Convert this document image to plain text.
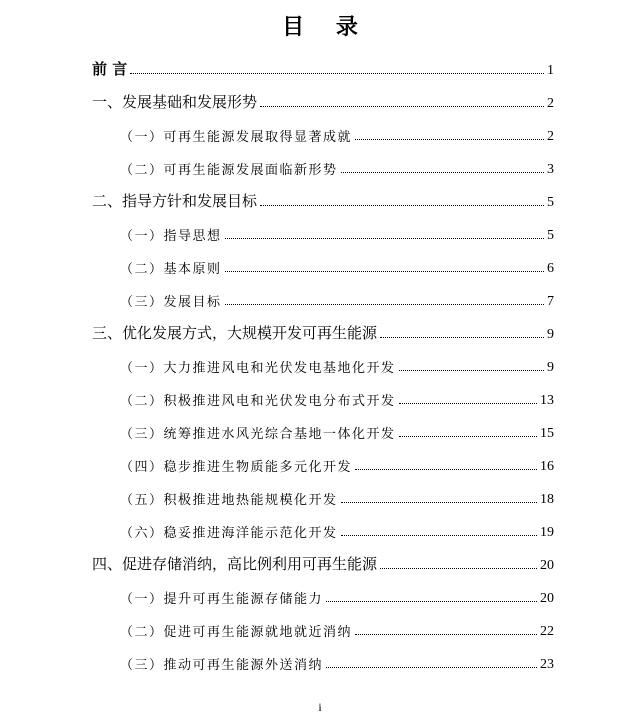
目 录
前 言	1
一、发展基础和发展形势	2
（一）可再生能源发展取得显著成就	2
（二）可再生能源发展面临新形势	3
二、指导方针和发展目标	5
（一）指导思想	5
（二）基本原则	6
（三）发展目标	7
三、优化发展方式，大规模开发可再生能源	9
（一）大力推进风电和光伏发电基地化开发	9
（二）积极推进风电和光伏发电分布式开发	13
（三）统筹推进水风光综合基地一体化开发	15
（四）稳步推进生物质能多元化开发	16
（五）积极推进地热能规模化开发	18
（六）稳妥推进海洋能示范化开发	19
四、促进存储消纳，高比例利用可再生能源	20
（一）提升可再生能源存储能力	20
（二）促进可再生能源就地就近消纳	22
（三）推动可再生能源外送消纳	23
i
